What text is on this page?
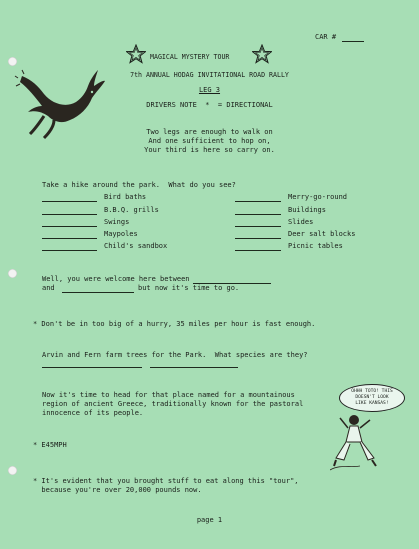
CAR #
MAGICAL MYSTERY TOUR
7th ANNUAL HODAG INVITATIONAL ROAD RALLY
LEG 3
DRIVERS NOTE  *  = DIRECTIONAL
Two legs are enough to walk on
And one sufficient to hop on,
Your third is here so carry on.
Take a hike around the park.  What do you see?
Bird baths
B.B.Q. grills
Swings
Maypoles
Child's sandbox
Merry-go-round
Buildings
Slides
Deer salt blocks
Picnic tables
Well, you were welcome here between
and	but now it's time to go.
* Don't be in too big of a hurry, 35 miles per hour is fast enough.
Arvin and Fern farm trees for the Park.  What species are they?
Now it's time to head for that place named for a mountainous
region of ancient Greece, traditionally known for the pastoral
innocence of its people.
OHHH TOTO! THIS
DOESN'T LOOK
LIKE KANSAS!
* E45MPH
* It's evident that you brought stuff to eat along this "tour",
because you're over 20,000 pounds now.
page 1
